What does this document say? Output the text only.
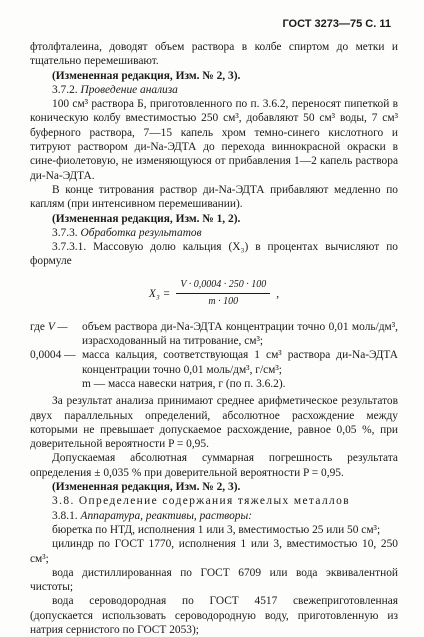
ГОСТ 3273—75 С. 11

фтолфталеина, доводят объем раствора в колбе спиртом до метки и тщательно перемешивают.

(Измененная редакция, Изм. № 2, 3).

3.7.2. Проведение анализа

100 см³ раствора Б, приготовленного по п. 3.6.2, переносят пипеткой в коническую колбу вместимостью 250 см³, добавляют 50 см³ воды, 7 см³ буферного раствора, 7—15 капель хром темно-синего кислотного и титруют раствором ди-Na-ЭДТА до перехода виннокрасной окраски в сине-фиолетовую, не изменяющуюся от прибавления 1—2 капель раствора ди-Na-ЭДТА.

В конце титрования раствор ди-Na-ЭДТА прибавляют медленно по каплям (при интенсивном перемешивании).

(Измененная редакция, Изм. № 1, 2).

3.7.3. Обработка результатов

3.7.3.1. Массовую долю кальция (X₃) в процентах вычисляют по формуле

$X_3 = \frac{V \cdot 0,0004 \cdot 250 \cdot 100}{m \cdot 100}$ ,
где V —	объем раствора ди-Na-ЭДТА концентрации точно 0,01 моль/дм³, израсходованный на титрование, см³;
0,0004 — масса кальция, соответствующая 1 см³ раствора ди-Na-ЭДТА концентрации точно 0,01 моль/дм³, г/см³;

m — масса навески натрия, г (по п. 3.6.2).

За результат анализа принимают среднее арифметическое результатов двух параллельных определений, абсолютное расхождение между которыми не превышает допускаемое расхождение, равное 0,05 %, при доверительной вероятности P = 0,95.

Допускаемая абсолютная суммарная погрешность результата определения ± 0,035 % при доверительной вероятности P = 0,95.

(Измененная редакция, Изм. № 2, 3).

3.8. Определение содержания тяжелых металлов

3.8.1. Аппаратура, реактивы, растворы:

бюретка по НТД, исполнения 1 или 3, вместимостью 25 или 50 см³;

цилиндр по ГОСТ 1770, исполнения 1 или 3, вместимостью 10, 250 см³;

вода дистиллированная по ГОСТ 6709 или вода эквивалентной чистоты;

вода сероводородная по ГОСТ 4517 свежеприготовленная (допускается использовать сероводородную воду, приготовленную из натрия сернистого по ГОСТ 2053);
